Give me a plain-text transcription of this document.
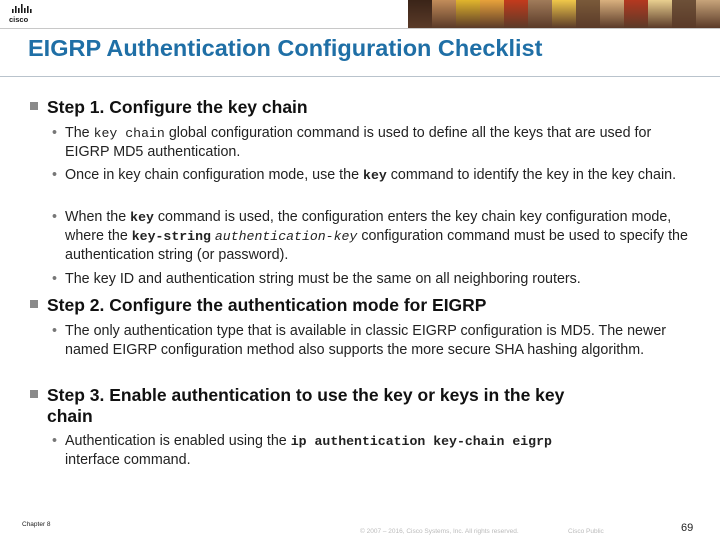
cisco
EIGRP Authentication Configuration Checklist
Step 1. Configure the key chain
• The key chain global configuration command is used to define all the keys that are used for EIGRP MD5 authentication.
• Once in key chain configuration mode, use the key command to identify the key in the key chain.
• When the key command is used, the configuration enters the key chain key configuration mode, where the key-string authentication-key configuration command must be used to specify the authentication string (or password).
• The key ID and authentication string must be the same on all neighboring routers.
Step 2. Configure the authentication mode for EIGRP
• The only authentication type that is available in classic EIGRP configuration is MD5. The newer named EIGRP configuration method also supports the more secure SHA hashing algorithm.
Step 3. Enable authentication to use the key or keys in the key
chain
• Authentication is enabled using the ip authentication key-chain eigrp
interface command.
Chapter 8
© 2007 – 2016, Cisco Systems, Inc. All rights reserved.	Cisco Public	69
